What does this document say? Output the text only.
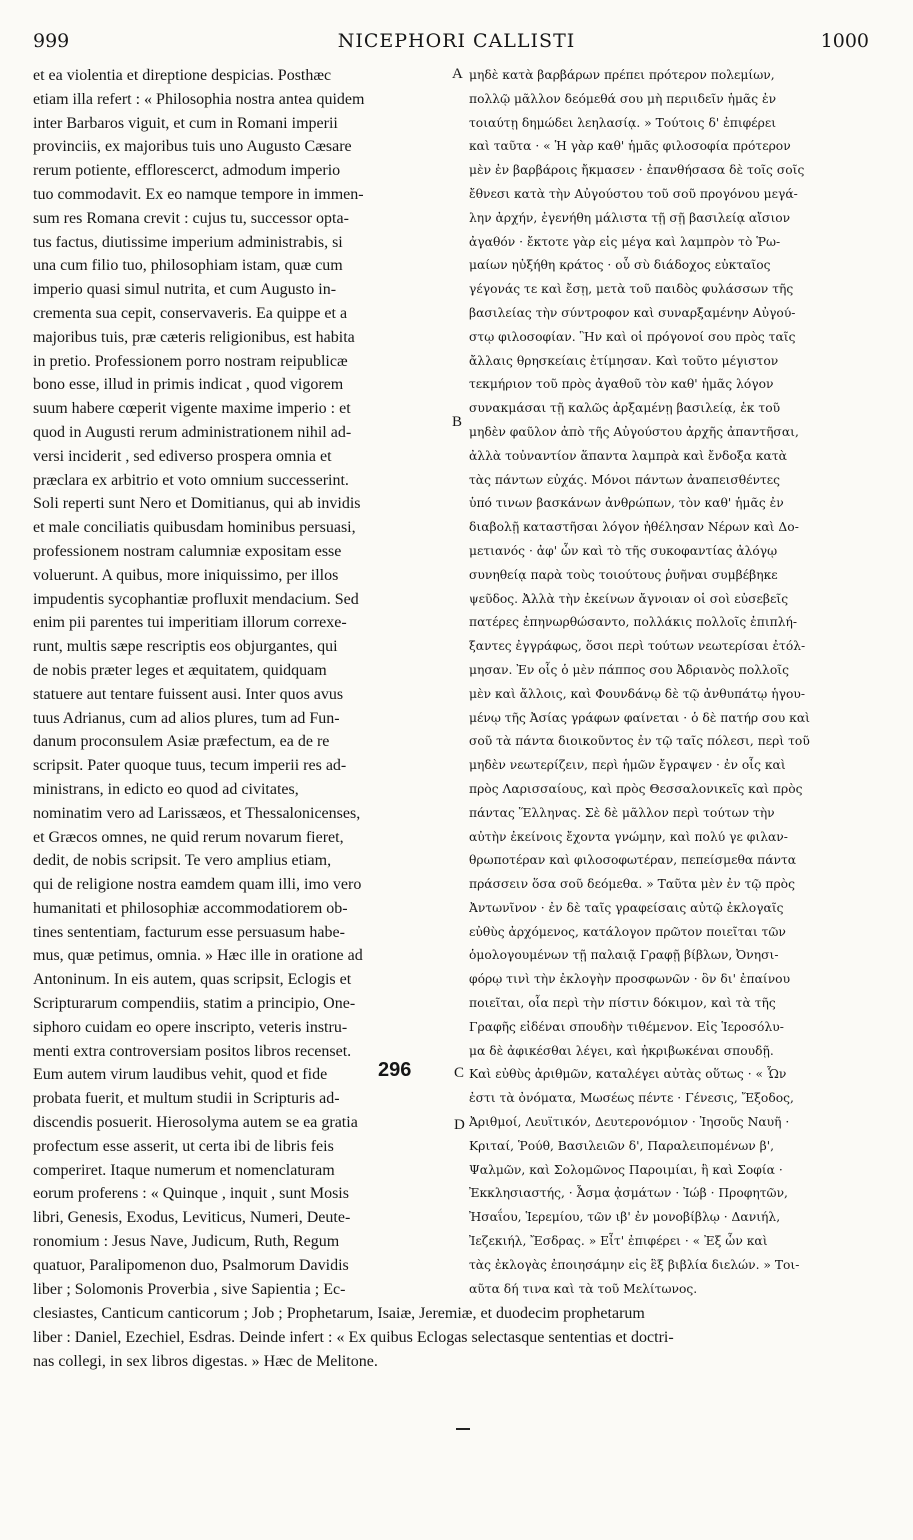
NICEPHORI CALLISTI
999	1000
et ea violentia et direptione despicias. Posthæc
etiam illa refert : « Philosophia nostra antea quidem
inter Barbaros viguit, et cum in Romani imperii
provinciis, ex majoribus tuis uno Augusto Cæsare
rerum potiente, efflorescerct, admodum imperio
tuo commodavit. Ex eo namque tempore in immen-
sum res Romana crevit : cujus tu, successor opta-
tus factus, diutissime imperium administrabis, si
una cum filio tuo, philosophiam istam, quæ cum
imperio quasi simul nutrita, et cum Augusto in-
crementa sua cepit, conservaveris. Ea quippe et a
majoribus tuis, præ cæteris religionibus, est habita
in pretio. Professionem porro nostram reipublicæ
bono esse, illud in primis indicat , quod vigorem
suum habere cœperit vigente maxime imperio : et
quod in Augusti rerum administrationem nihil ad-
versi inciderit , sed ediverso prospera omnia et
præclara ex arbitrio et voto omnium successerint.
Soli reperti sunt Nero et Domitianus, qui ab invidis
et male conciliatis quibusdam hominibus persuasi,
professionem nostram calumniæ expositam esse
voluerunt. A quibus, more iniquissimo, per illos
impudentis sycophantiæ profluxit mendacium. Sed
enim pii parentes tui imperitiam illorum correxe-
runt, multis sæpe rescriptis eos objurgantes, qui
de nobis præter leges et æquitatem, quidquam
statuere aut tentare fuissent ausi. Inter quos avus
tuus Adrianus, cum ad alios plures, tum ad Fun-
danum proconsulem Asiæ præfectum, ea de re
scripsit. Pater quoque tuus, tecum imperii res ad-
ministrans, in edicto eo quod ad civitates,
nominatim vero ad Larissæos, et Thessalonicenses,
et Græcos omnes, ne quid rerum novarum fieret,
dedit, de nobis scripsit. Te vero amplius etiam,
qui de religione nostra eamdem quam illi, imo vero
humanitati et philosophiæ accommodatiorem ob-
tines sententiam, facturum esse persuasum habe-
mus, quæ petimus, omnia. » Hæc ille in oratione ad
Antoninum. In eis autem, quas scripsit, Eclogis et
Scripturarum compendiis, statim a principio, One-
siphoro cuidam eo opere inscripto, veteris instru-
menti extra controversiam positos libros recenset.
Eum autem virum laudibus vehit, quod et fide
probata fuerit, et multum studii in Scripturis ad-
discendis posuerit. Hierosolyma autem se ea gratia
profectum esse asserit, ut certa ibi de libris feis
comperiret. Itaque numerum et nomenclaturam
eorum proferens : « Quinque , inquit , sunt Mosis
libri, Genesis, Exodus, Leviticus, Numeri, Deute-
ronomium : Jesus Nave, Judicum, Ruth, Regum
quatuor, Paralipomenon duo, Psalmorum Davidis
liber ; Solomonis Proverbia , sive Sapientia ; Ec-
μηδὲ κατὰ βαρβάρων πρέπει πρότερον πολεμίων,
πολλῷ μᾶλλον δεόμεθά σου μὴ περιιδεῖν ἡμᾶς ἐν
τοιαύτῃ δημώδει λεηλασίᾳ. » Τούτοις δ' ἐπιφέρει
καὶ ταῦτα · « Ἡ γὰρ καθ' ἡμᾶς φιλοσοφία πρότερον
μὲν ἐν βαρβάροις ἤκμασεν · ἐπανθήσασα δὲ τοῖς σοῖς
ἔθνεσι κατὰ τὴν Αὐγούστου τοῦ σοῦ προγόνου μεγά-
λην ἀρχήν, ἐγενήθη μάλιστα τῇ σῇ βασιλείᾳ αἴσιον
ἀγαθόν · ἔκτοτε γὰρ εἰς μέγα καὶ λαμπρὸν τὸ Ῥω-
μαίων ηὐξήθη κράτος · οὗ σὺ διάδοχος εὐκταῖος
γέγονάς τε καὶ ἔσῃ, μετὰ τοῦ παιδὸς φυλάσσων τῆς
βασιλείας τὴν σύντροφον καὶ συναρξαμένην Αὐγού-
στῳ φιλοσοφίαν. Ἣν καὶ οἱ πρόγονοί σου πρὸς ταῖς
ἄλλαις θρησκείαις ἐτίμησαν. Καὶ τοῦτο μέγιστον
τεκμήριον τοῦ πρὸς ἀγαθοῦ τὸν καθ' ἡμᾶς λόγον
συνακμάσαι τῇ καλῶς ἀρξαμένῃ βασιλείᾳ, ἐκ τοῦ
μηδὲν φαῦλον ἀπὸ τῆς Αὐγούστου ἀρχῆς ἀπαντῆσαι,
ἀλλὰ τοὐναντίον ἅπαντα λαμπρὰ καὶ ἔνδοξα κατὰ
τὰς πάντων εὐχάς. Μόνοι πάντων ἀναπεισθέντες
ὑπό τινων βασκάνων ἀνθρώπων, τὸν καθ' ἡμᾶς ἐν
διαβολῇ καταστῆσαι λόγον ἠθέλησαν Νέρων καὶ Δο-
μετιανός · ἀφ' ὧν καὶ τὸ τῆς συκοφαντίας ἀλόγῳ
συνηθείᾳ παρὰ τοὺς τοιούτους ῥυῆναι συμβέβηκε
ψεῦδος. Ἀλλὰ τὴν ἐκείνων ἄγνοιαν οἱ σοὶ εὐσεβεῖς
πατέρες ἐπηνωρθώσαντο, πολλάκις πολλοῖς ἐπιπλή-
ξαντες ἐγγράφως, ὅσοι περὶ τούτων νεωτερίσαι ἐτόλ-
μησαν. Ἐν οἷς ὁ μὲν πάππος σου Ἀδριανὸς πολλοῖς
μὲν καὶ ἄλλοις, καὶ Φουνδάνῳ δὲ τῷ ἀνθυπάτῳ ἡγου-
μένῳ τῆς Ἀσίας γράφων φαίνεται · ὁ δὲ πατήρ σου καὶ
σοῦ τὰ πάντα διοικοῦντος ἐν τῷ ταῖς πόλεσι, περὶ τοῦ
μηδὲν νεωτερίζειν, περὶ ἡμῶν ἔγραψεν · ἐν οἷς καὶ
πρὸς Λαρισσαίους, καὶ πρὸς Θεσσαλονικεῖς καὶ πρὸς
πάντας Ἕλληνας. Σὲ δὲ μᾶλλον περὶ τούτων τὴν
αὐτὴν ἐκείνοις ἔχοντα γνώμην, καὶ πολύ γε φιλαν-
θρωποτέραν καὶ φιλοσοφωτέραν, πεπείσμεθα πάντα
πράσσειν ὅσα σοῦ δεόμεθα. » Ταῦτα μὲν ἐν τῷ πρὸς
Ἀντωνῖνον · ἐν δὲ ταῖς γραφείσαις αὐτῷ ἐκλογαῖς
εὐθὺς ἀρχόμενος, κατάλογον πρῶτον ποιεῖται τῶν
ὁμολογουμένων τῇ παλαιᾷ Γραφῇ βίβλων, Ὀνησι-
φόρῳ τινὶ τὴν ἐκλογὴν προσφωνῶν · ὃν δι' ἐπαίνου
ποιεῖται, οἷα περὶ τὴν πίστιν δόκιμον, καὶ τὰ τῆς
Γραφῆς εἰδέναι σπουδὴν τιθέμενον. Εἰς Ἱεροσόλυ-
μα δὲ ἀφικέσθαι λέγει, καὶ ἠκριβωκέναι σπουδῇ.
Καὶ εὐθὺς ἀριθμῶν, καταλέγει αὐτὰς οὕτως · « Ὧν
ἐστι τὰ ὀνόματα, Μωσέως πέντε · Γένεσις, Ἔξοδος,
Ἀριθμοί, Λευϊτικόν, Δευτερονόμιον · Ἰησοῦς Ναυῆ ·
Κριταί, Ῥούθ, Βασιλειῶν δ', Παραλειπομένων β',
Ψαλμῶν, καὶ Σολομῶνος Παροιμίαι, ἣ καὶ Σοφία ·
Ἐκκλησιαστής, · Ἆσμα ᾀσμάτων · Ἰώβ · Προφητῶν,
Ἠσαΐου, Ἱερεμίου, τῶν ιβ' ἐν μονοβίβλῳ · Δανιήλ,
Ἰεζεκιήλ, Ἔσδρας. » Εἶτ' ἐπιφέρει · « Ἐξ ὧν καὶ
τὰς ἐκλογὰς ἐποιησάμην εἰς ἓξ βιβλία διελών. » Τοι-
αῦτα δή τινα καὶ τὰ τοῦ Μελίτωνος.
A
B
C
D
296
clesiastes, Canticum canticorum ; Job ; Prophetarum, Isaiæ, Jeremiæ, et duodecim prophetarum
liber : Daniel, Ezechiel, Esdras. Deinde infert : « Ex quibus Eclogas selectasque sententias et doctri-
nas collegi, in sex libros digestas. » Hæc de Melitone.
